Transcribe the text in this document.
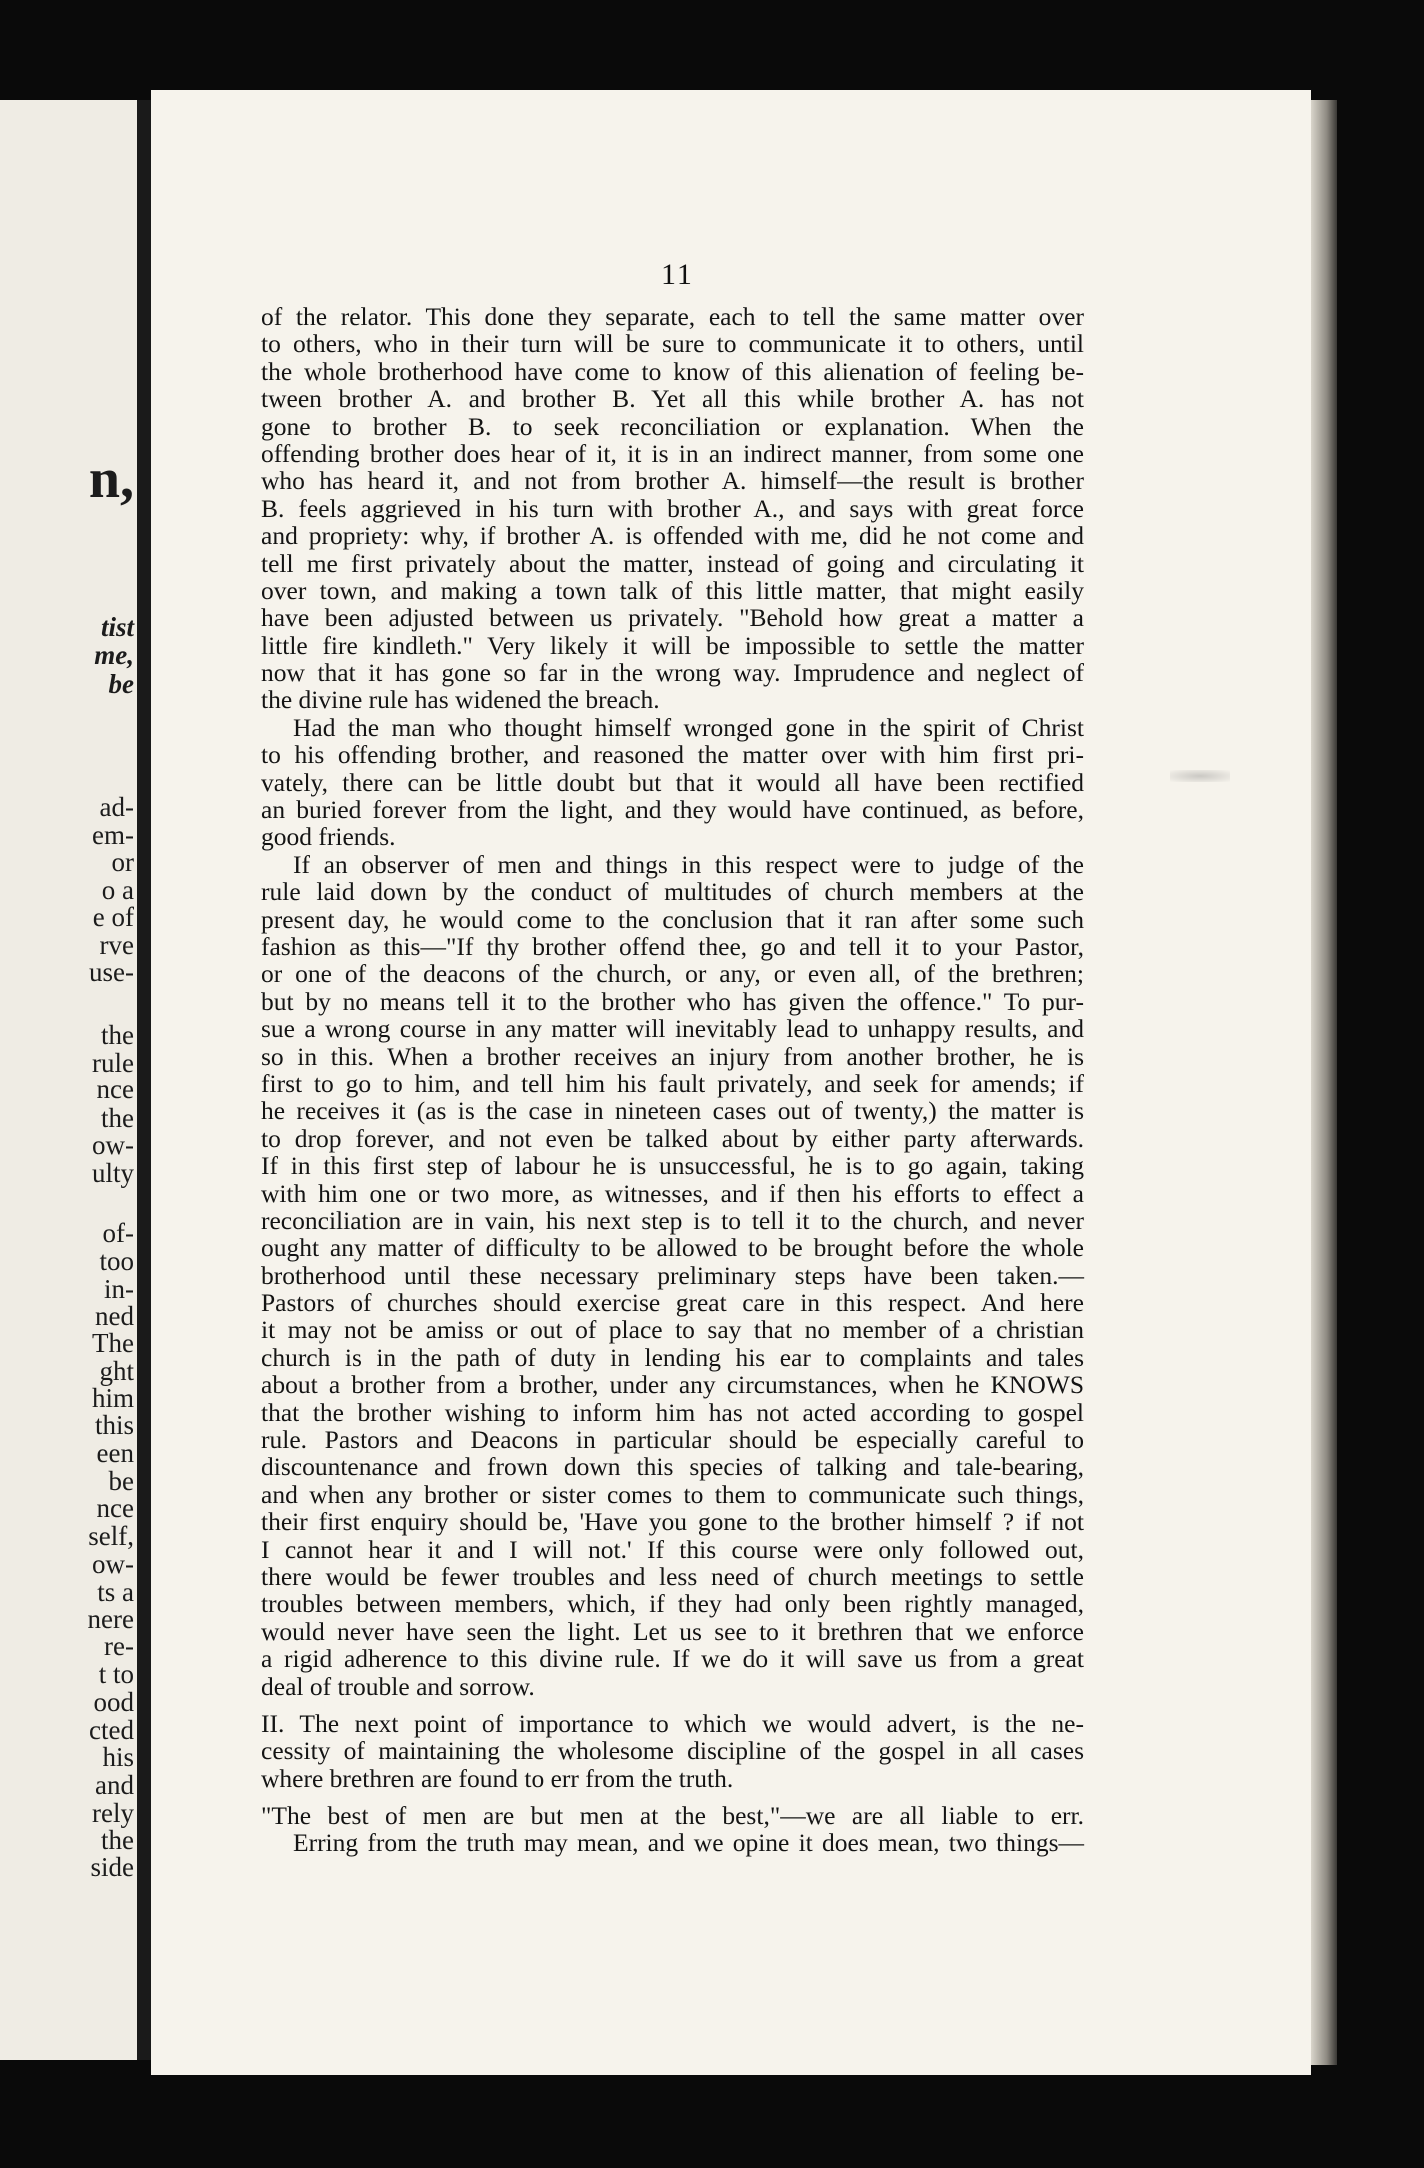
n,
tist
me,
be
ad-
em-
or
o a
e of
rve
use-
the
rule
nce
the
ow-
ulty
of-
too
in-
ned
The
ght
him
this
een
be
nce
self,
ow-
ts a
nere
re-
t to
ood
cted
his
and
rely
the
side
11
of the relator. This done they separate, each to tell the same matter over
to others, who in their turn will be sure to communicate it to others, until
the whole brotherhood have come to know of this alienation of feeling be-
tween brother A. and brother B. Yet all this while brother A. has not
gone to brother B. to seek reconciliation or explanation. When the
offending brother does hear of it, it is in an indirect manner, from some one
who has heard it, and not from brother A. himself—the result is brother
B. feels aggrieved in his turn with brother A., and says with great force
and propriety: why, if brother A. is offended with me, did he not come and
tell me first privately about the matter, instead of going and circulating it
over town, and making a town talk of this little matter, that might easily
have been adjusted between us privately. "Behold how great a matter a
little fire kindleth." Very likely it will be impossible to settle the matter
now that it has gone so far in the wrong way. Imprudence and neglect of
the divine rule has widened the breach.
Had the man who thought himself wronged gone in the spirit of Christ
to his offending brother, and reasoned the matter over with him first pri-
vately, there can be little doubt but that it would all have been rectified
an buried forever from the light, and they would have continued, as before,
good friends.
If an observer of men and things in this respect were to judge of the
rule laid down by the conduct of multitudes of church members at the
present day, he would come to the conclusion that it ran after some such
fashion as this—"If thy brother offend thee, go and tell it to your Pastor,
or one of the deacons of the church, or any, or even all, of the brethren;
but by no means tell it to the brother who has given the offence." To pur-
sue a wrong course in any matter will inevitably lead to unhappy results, and
so in this. When a brother receives an injury from another brother, he is
first to go to him, and tell him his fault privately, and seek for amends; if
he receives it (as is the case in nineteen cases out of twenty,) the matter is
to drop forever, and not even be talked about by either party afterwards.
If in this first step of labour he is unsuccessful, he is to go again, taking
with him one or two more, as witnesses, and if then his efforts to effect a
reconciliation are in vain, his next step is to tell it to the church, and never
ought any matter of difficulty to be allowed to be brought before the whole
brotherhood until these necessary preliminary steps have been taken.—
Pastors of churches should exercise great care in this respect. And here
it may not be amiss or out of place to say that no member of a christian
church is in the path of duty in lending his ear to complaints and tales
about a brother from a brother, under any circumstances, when he KNOWS
that the brother wishing to inform him has not acted according to gospel
rule. Pastors and Deacons in particular should be especially careful to
discountenance and frown down this species of talking and tale-bearing,
and when any brother or sister comes to them to communicate such things,
their first enquiry should be, 'Have you gone to the brother himself ? if not
I cannot hear it and I will not.' If this course were only followed out,
there would be fewer troubles and less need of church meetings to settle
troubles between members, which, if they had only been rightly managed,
would never have seen the light. Let us see to it brethren that we enforce
a rigid adherence to this divine rule. If we do it will save us from a great
deal of trouble and sorrow.
II. The next point of importance to which we would advert, is the ne-
cessity of maintaining the wholesome discipline of the gospel in all cases
where brethren are found to err from the truth.
"The best of men are but men at the best,"—we are all liable to err.
Erring from the truth may mean, and we opine it does mean, two things—
